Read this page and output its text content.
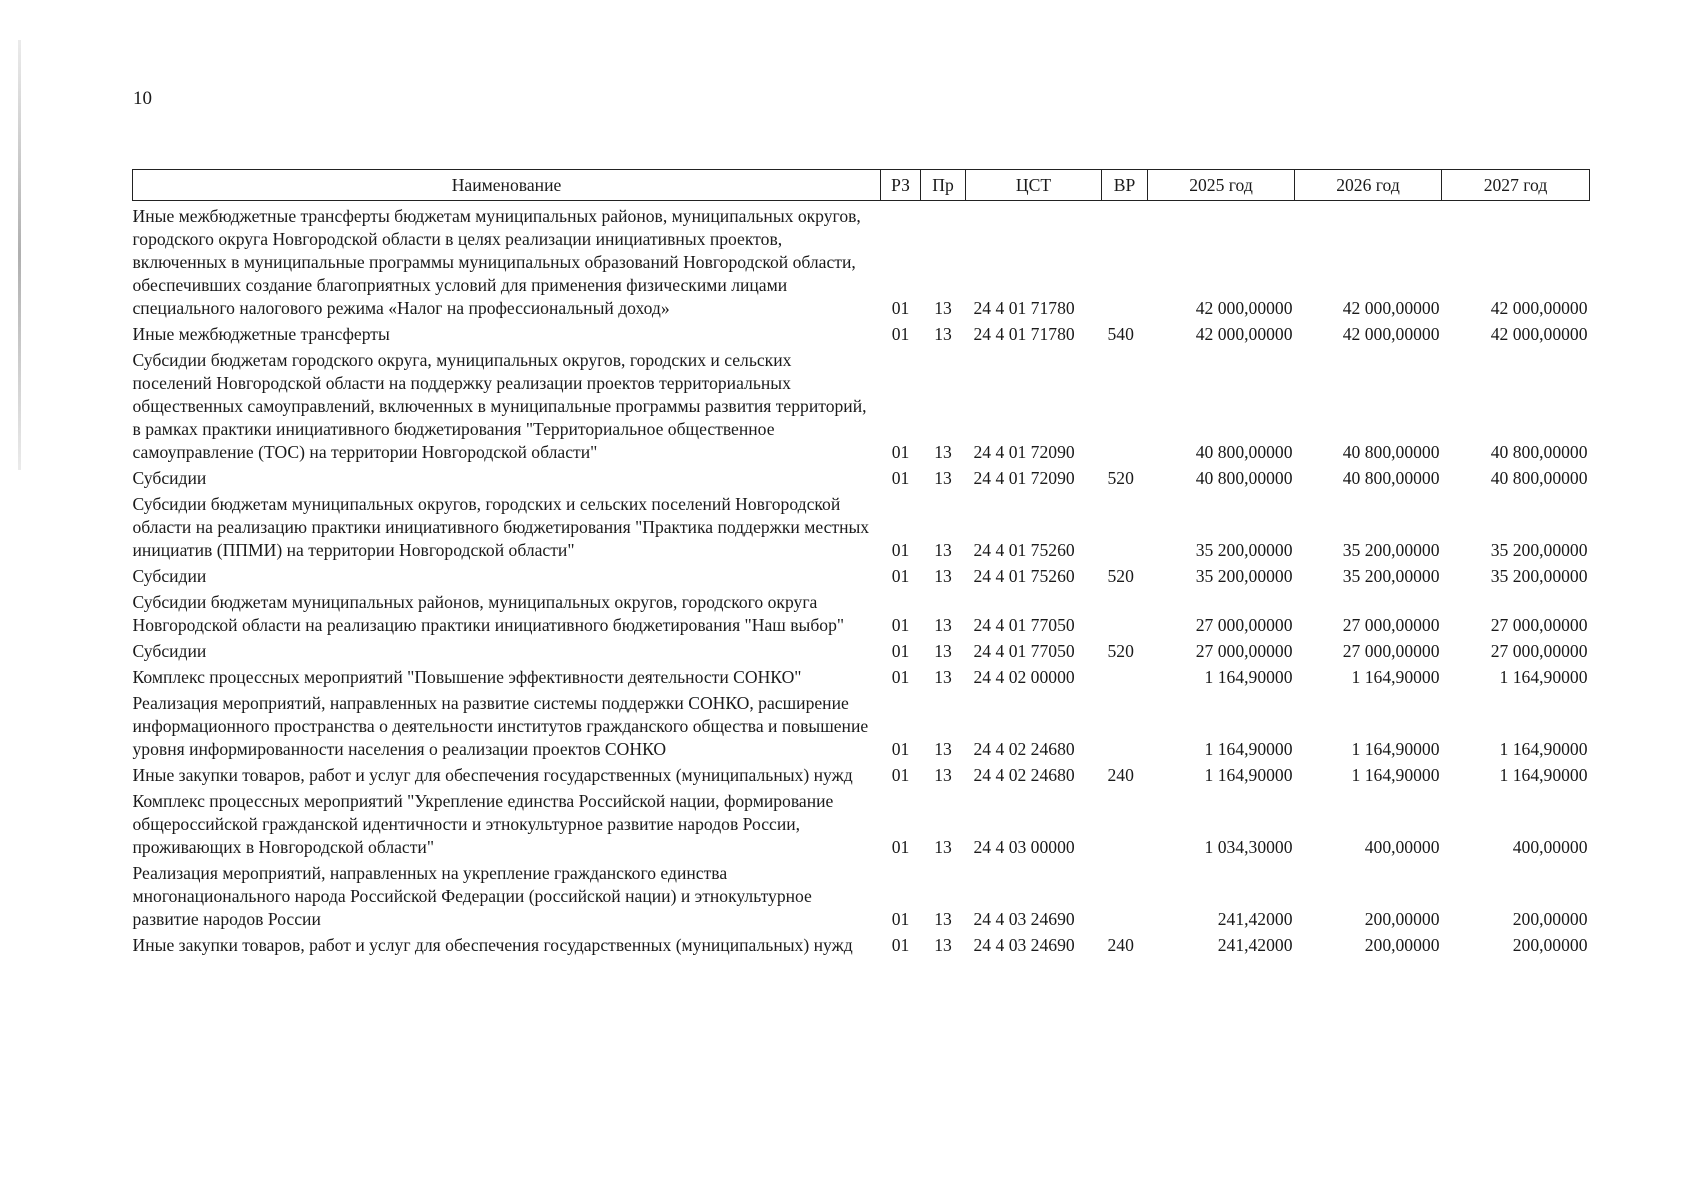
10
Наименование	РЗ	Пр	ЦСТ	ВР	2025 год	2026 год	2027 год
Иные межбюджетные трансферты бюджетам муниципальных районов, муниципальных округов, городского округа Новгородской области в целях реализации инициативных проектов, включенных в муниципальные программы муниципальных образований Новгородской области, обеспечивших создание благоприятных условий для применения физическими лицами специального налогового режима «Налог на профессиональный доход»	01	13	24 4 01 71780		42 000,00000	42 000,00000	42 000,00000
Иные межбюджетные трансферты	01	13	24 4 01 71780	540	42 000,00000	42 000,00000	42 000,00000
Субсидии бюджетам городского округа, муниципальных округов, городских и сельских поселений Новгородской области на поддержку реализации проектов территориальных общественных самоуправлений, включенных в муниципальные программы развития территорий, в рамках практики инициативного бюджетирования "Территориальное общественное самоуправление (ТОС) на территории Новгородской области"	01	13	24 4 01 72090		40 800,00000	40 800,00000	40 800,00000
Субсидии	01	13	24 4 01 72090	520	40 800,00000	40 800,00000	40 800,00000
Субсидии бюджетам муниципальных округов, городских и сельских поселений Новгородской области на реализацию практики инициативного бюджетирования "Практика поддержки местных инициатив (ППМИ) на территории Новгородской области"	01	13	24 4 01 75260		35 200,00000	35 200,00000	35 200,00000
Субсидии	01	13	24 4 01 75260	520	35 200,00000	35 200,00000	35 200,00000
Субсидии бюджетам муниципальных районов, муниципальных округов, городского округа Новгородской области на реализацию практики инициативного бюджетирования "Наш выбор"	01	13	24 4 01 77050		27 000,00000	27 000,00000	27 000,00000
Субсидии	01	13	24 4 01 77050	520	27 000,00000	27 000,00000	27 000,00000
Комплекс процессных мероприятий "Повышение эффективности деятельности СОНКО"	01	13	24 4 02 00000		1 164,90000	1 164,90000	1 164,90000
Реализация мероприятий, направленных на развитие системы поддержки СОНКО, расширение информационного пространства о деятельности институтов гражданского общества и повышение уровня информированности населения о реализации проектов СОНКО	01	13	24 4 02 24680		1 164,90000	1 164,90000	1 164,90000
Иные закупки товаров, работ и услуг для обеспечения государственных (муниципальных) нужд	01	13	24 4 02 24680	240	1 164,90000	1 164,90000	1 164,90000
Комплекс процессных мероприятий "Укрепление единства Российской нации, формирование общероссийской гражданской идентичности и этнокультурное развитие народов России, проживающих в Новгородской области"	01	13	24 4 03 00000		1 034,30000	400,00000	400,00000
Реализация мероприятий, направленных на укрепление гражданского единства многонационального народа Российской Федерации (российской нации) и этнокультурное развитие народов России	01	13	24 4 03 24690		241,42000	200,00000	200,00000
Иные закупки товаров, работ и услуг для обеспечения государственных (муниципальных) нужд	01	13	24 4 03 24690	240	241,42000	200,00000	200,00000
